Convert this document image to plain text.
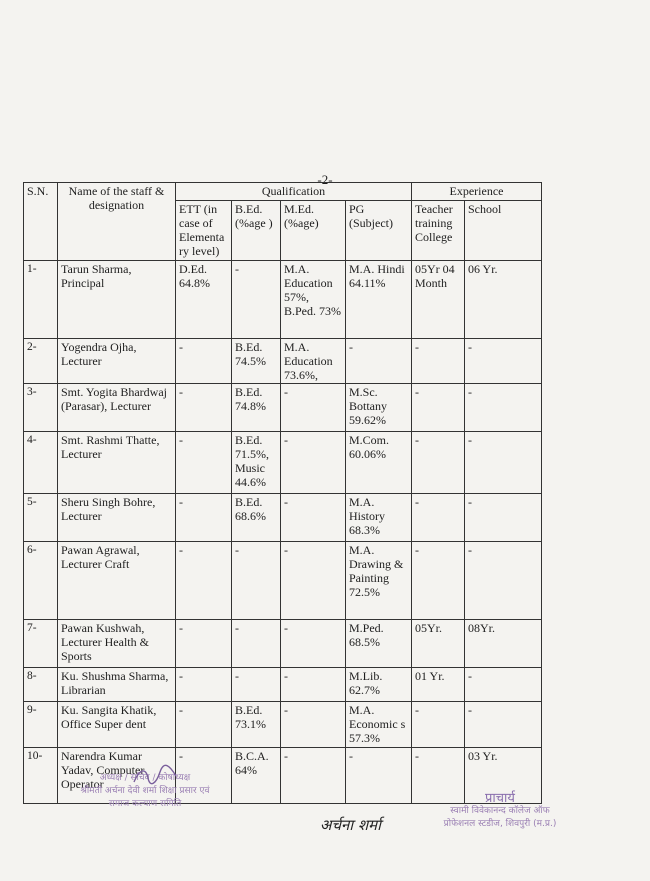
-2-
S.N.	Name of the staff & designation	Qualification				Experience	
		ETT (in case of Elementa ry level)	B.Ed. (%age )	M.Ed. (%age)	PG (Subject)	Teacher training College	School
1-	Tarun Sharma, Principal	D.Ed. 64.8%	-	M.A. Education 57%, B.Ped. 73%	M.A. Hindi 64.11%	05Yr 04 Month	06 Yr.
2-	Yogendra Ojha, Lecturer	-	B.Ed. 74.5%	M.A. Education 73.6%,	-	-	-
3-	Smt. Yogita Bhardwaj (Parasar), Lecturer	-	B.Ed. 74.8%	-	M.Sc. Bottany 59.62%	-	-
4-	Smt. Rashmi Thatte, Lecturer	-	B.Ed. 71.5%, Music 44.6%	-	M.Com. 60.06%	-	-
5-	Sheru Singh Bohre, Lecturer	-	B.Ed. 68.6%	-	M.A. History 68.3%	-	-
6-	Pawan Agrawal, Lecturer Craft	-	-	-	M.A. Drawing & Painting 72.5%	-	-
7-	Pawan Kushwah, Lecturer Health & Sports	-	-	-	M.Ped. 68.5%	05Yr.	08Yr.
8-	Ku. Shushma Sharma, Librarian	-	-	-	M.Lib. 62.7%	01 Yr.	-
9-	Ku. Sangita Khatik, Office Super dent	-	B.Ed. 73.1%	-	M.A. Economic s 57.3%	-	-
10-	Narendra Kumar Yadav, Computer Operator	-	B.C.A. 64%	-	-	-	03 Yr.
अध्यक्ष / सचिव / कोषाध्यक्ष
श्रीमती अर्चना देवी शर्मा शिक्षा प्रसार एवं
समाज कल्याण समिति
अर्चना शर्मा
प्राचार्य
स्वामी विवेकानन्द कॉलेज ऑफ
प्रोफेशनल स्टडीज, शिवपुरी (म.प्र.)
